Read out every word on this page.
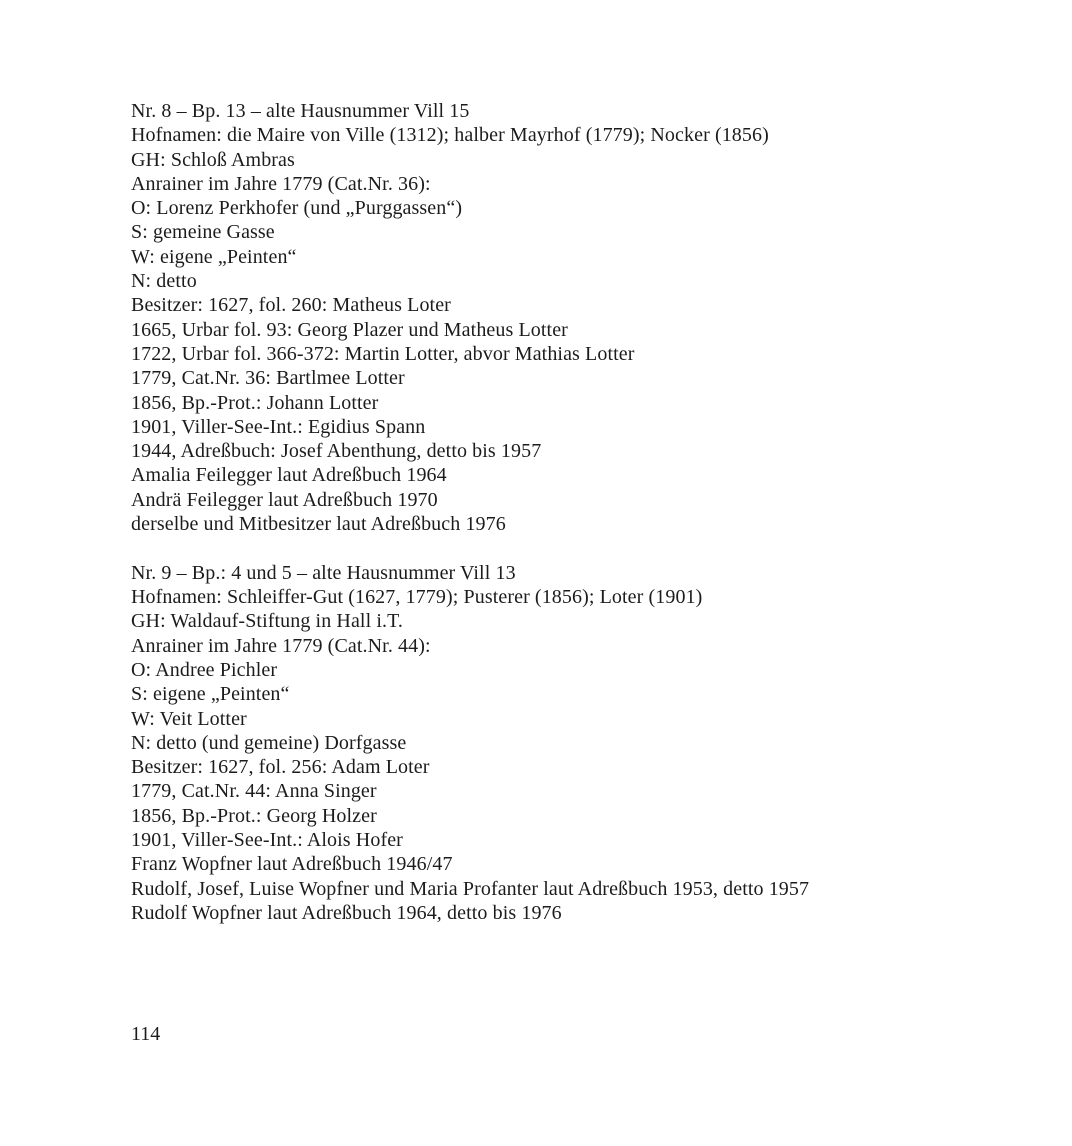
Nr. 8 – Bp. 13 – alte Hausnummer Vill 15
Hofnamen: die Maire von Ville (1312); halber Mayrhof (1779); Nocker (1856)
GH: Schloß Ambras
Anrainer im Jahre 1779 (Cat.Nr. 36):
O: Lorenz Perkhofer (und „Purggassen“)
S: gemeine Gasse
W: eigene „Peinten“
N: detto
Besitzer: 1627, fol. 260: Matheus Loter
1665, Urbar fol. 93: Georg Plazer und Matheus Lotter
1722, Urbar fol. 366-372: Martin Lotter, abvor Mathias Lotter
1779, Cat.Nr. 36: Bartlmee Lotter
1856, Bp.-Prot.: Johann Lotter
1901, Viller-See-Int.: Egidius Spann
1944, Adreßbuch: Josef Abenthung, detto bis 1957
Amalia Feilegger laut Adreßbuch 1964
Andrä Feilegger laut Adreßbuch 1970
derselbe und Mitbesitzer laut Adreßbuch 1976
Nr. 9 – Bp.: 4 und 5 – alte Hausnummer Vill 13
Hofnamen: Schleiffer-Gut (1627, 1779); Pusterer (1856); Loter (1901)
GH: Waldauf-Stiftung in Hall i.T.
Anrainer im Jahre 1779 (Cat.Nr. 44):
O: Andree Pichler
S: eigene „Peinten“
W: Veit Lotter
N: detto (und gemeine) Dorfgasse
Besitzer: 1627, fol. 256: Adam Loter
1779, Cat.Nr. 44: Anna Singer
1856, Bp.-Prot.: Georg Holzer
1901, Viller-See-Int.: Alois Hofer
Franz Wopfner laut Adreßbuch 1946/47
Rudolf, Josef, Luise Wopfner und Maria Profanter laut Adreßbuch 1953, detto 1957
Rudolf Wopfner laut Adreßbuch 1964, detto bis 1976
114
